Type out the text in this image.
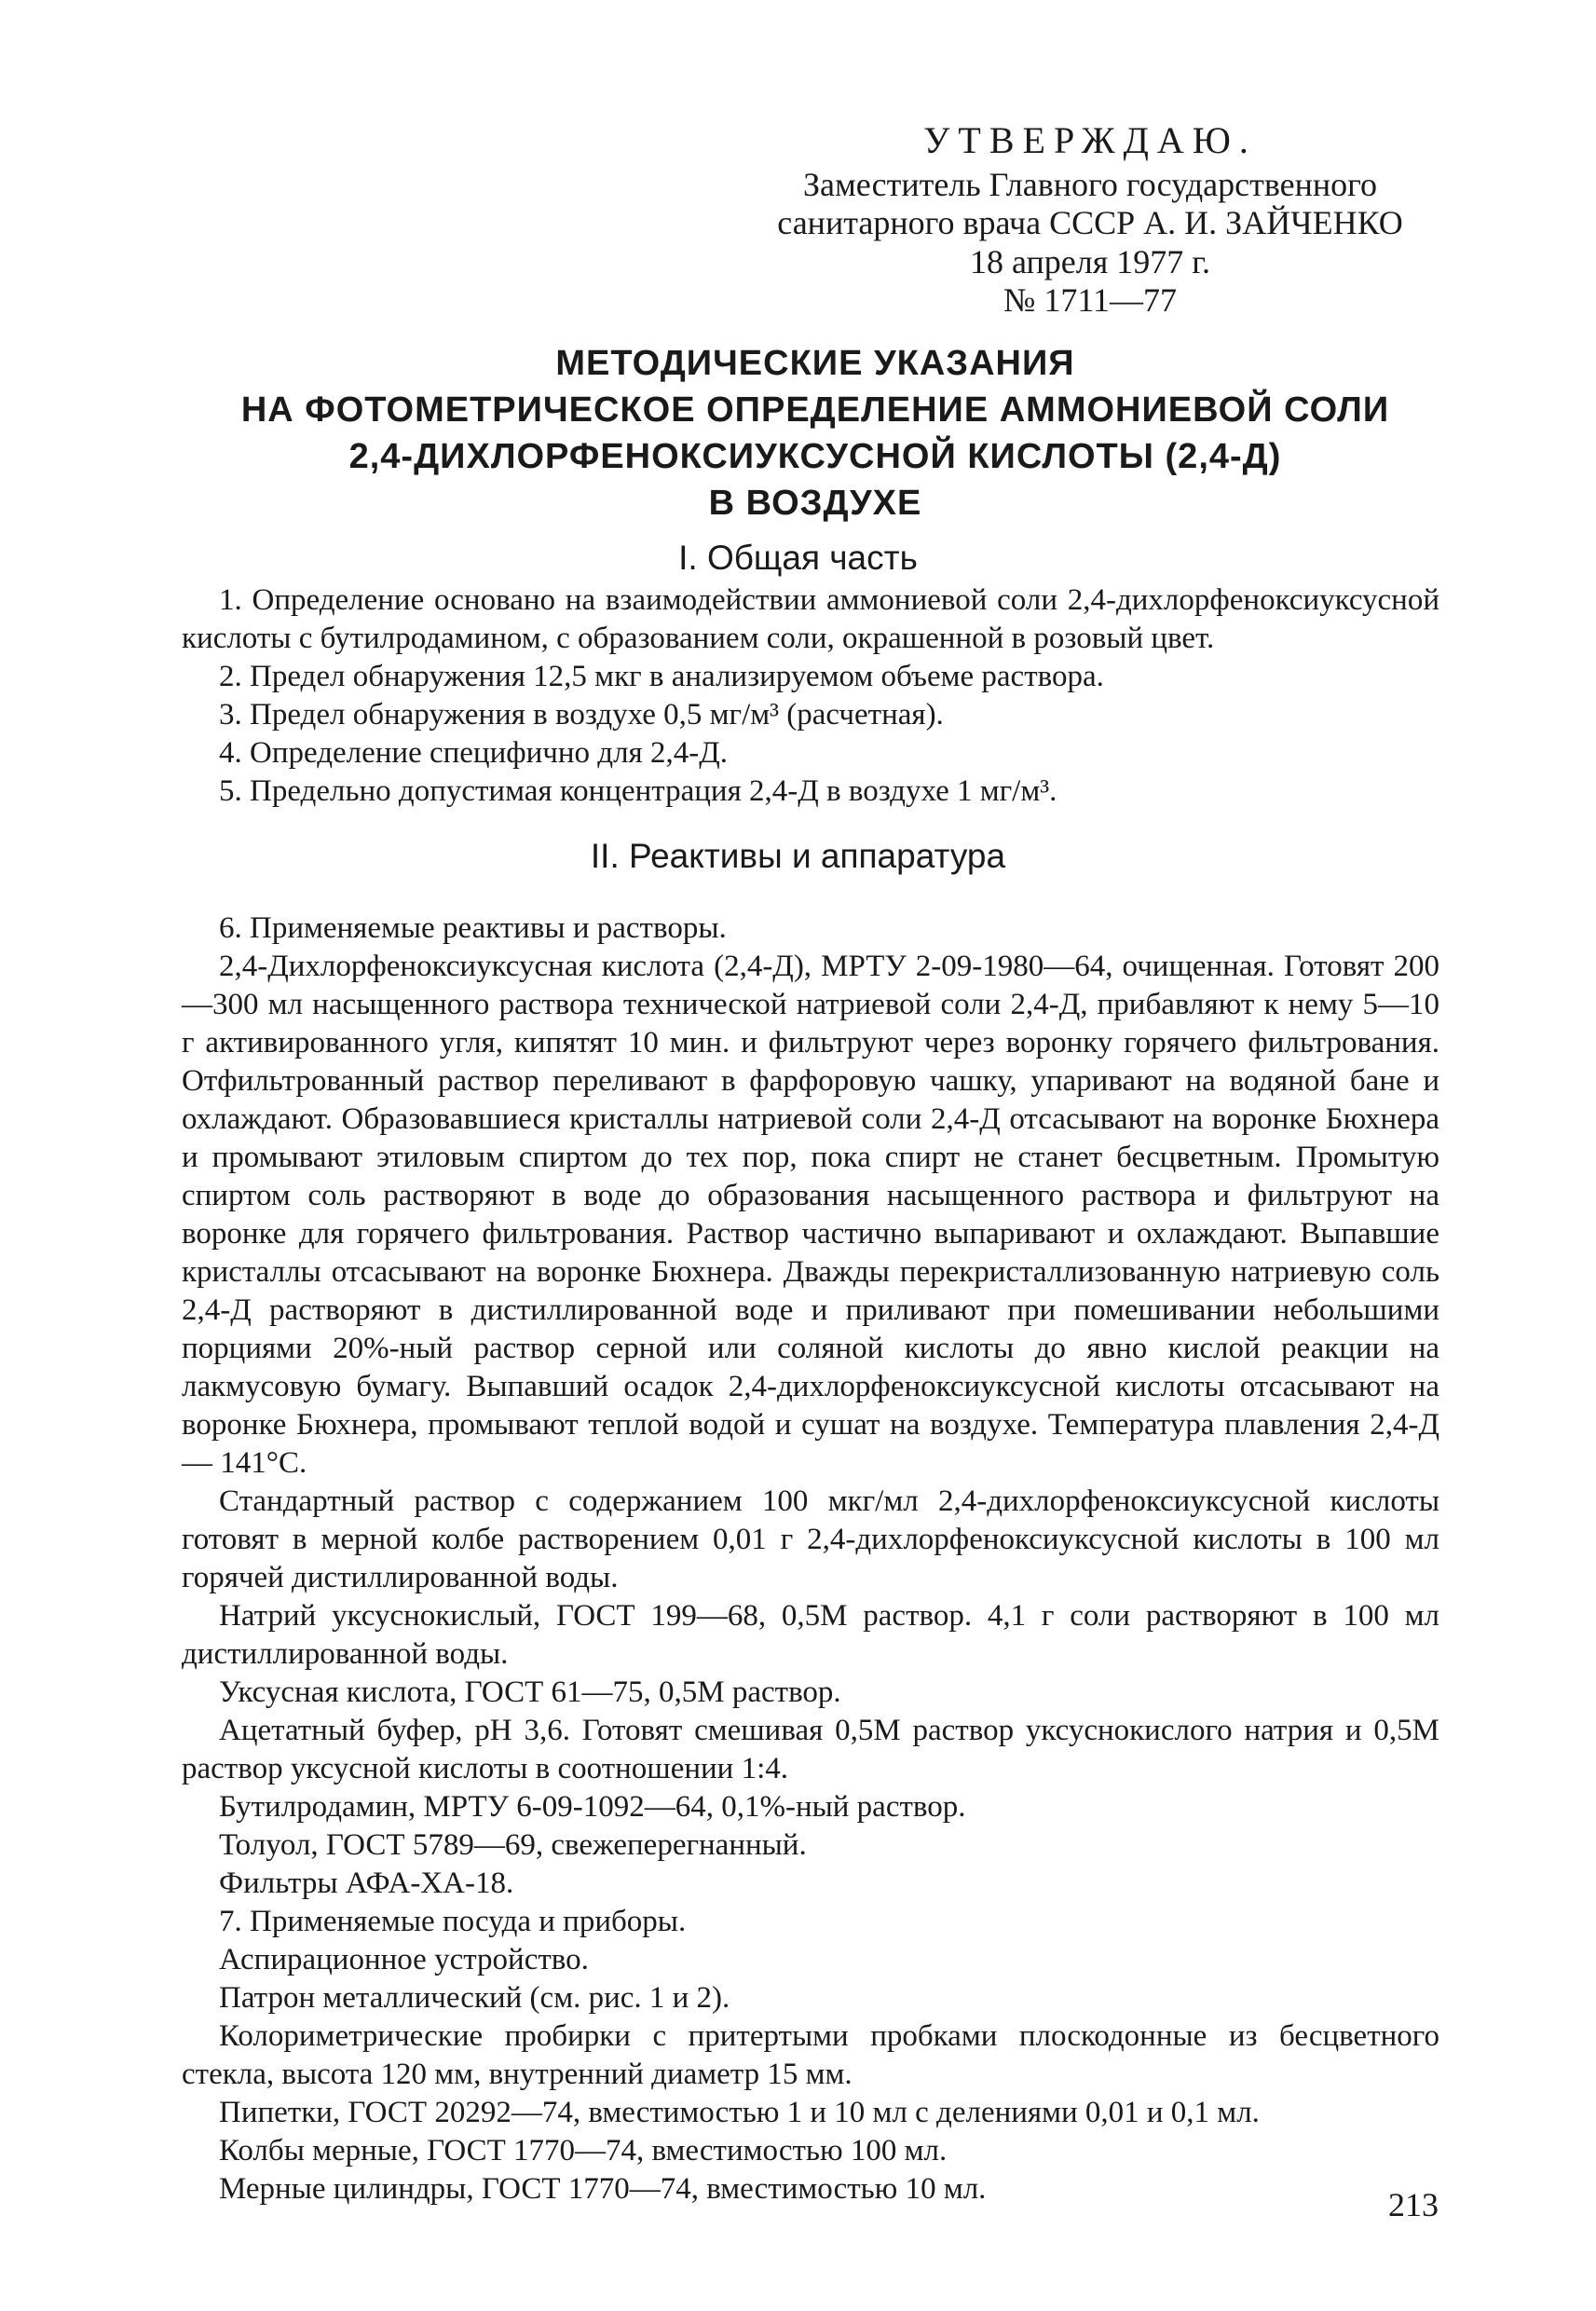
УТВЕРЖДАЮ.
Заместитель Главного государственного
санитарного врача СССР А. И. ЗАЙЧЕНКО
18 апреля 1977 г.
№ 1711—77
МЕТОДИЧЕСКИЕ УКАЗАНИЯ
НА ФОТОМЕТРИЧЕСКОЕ ОПРЕДЕЛЕНИЕ АММОНИЕВОЙ СОЛИ
2,4-ДИХЛОРФЕНОКСИУКСУСНОЙ КИСЛОТЫ (2,4-Д)
В ВОЗДУХЕ
I. Общая часть

1. Определение основано на взаимодействии аммониевой соли 2,4-дихлорфеноксиуксусной кислоты с бутилродамином, с образованием соли, окрашенной в розовый цвет.

2. Предел обнаружения 12,5 мкг в анализируемом объеме раствора.

3. Предел обнаружения в воздухе 0,5 мг/м³ (расчетная).

4. Определение специфично для 2,4-Д.

5. Предельно допустимая концентрация 2,4-Д в воздухе 1 мг/м³.

II. Реактивы и аппаратура

6. Применяемые реактивы и растворы.

2,4-Дихлорфеноксиуксусная кислота (2,4-Д), МРТУ 2-09-1980—64, очищенная. Готовят 200—300 мл насыщенного раствора технической натриевой соли 2,4-Д, прибавляют к нему 5—10 г активированного угля, кипятят 10 мин. и фильтруют через воронку горячего фильтрования. Отфильтрованный раствор переливают в фарфоровую чашку, упаривают на водяной бане и охлаждают. Образовавшиеся кристаллы натриевой соли 2,4-Д отсасывают на воронке Бюхнера и промывают этиловым спиртом до тех пор, пока спирт не станет бесцветным. Промытую спиртом соль растворяют в воде до образования насыщенного раствора и фильтруют на воронке для горячего фильтрования. Раствор частично выпаривают и охлаждают. Выпавшие кристаллы отсасывают на воронке Бюхнера. Дважды перекристаллизованную натриевую соль 2,4-Д растворяют в дистиллированной воде и приливают при помешивании небольшими порциями 20%-ный раствор серной или соляной кислоты до явно кислой реакции на лакмусовую бумагу. Выпавший осадок 2,4-дихлорфеноксиуксусной кислоты отсасывают на воронке Бюхнера, промывают теплой водой и сушат на воздухе. Температура плавления 2,4-Д — 141°С.

Стандартный раствор с содержанием 100 мкг/мл 2,4-дихлорфеноксиуксусной кислоты готовят в мерной колбе растворением 0,01 г 2,4-дихлорфеноксиуксусной кислоты в 100 мл горячей дистиллированной воды.

Натрий уксуснокислый, ГОСТ 199—68, 0,5М раствор. 4,1 г соли растворяют в 100 мл дистиллированной воды.

Уксусная кислота, ГОСТ 61—75, 0,5М раствор.

Ацетатный буфер, pH 3,6. Готовят смешивая 0,5М раствор уксуснокислого натрия и 0,5М раствор уксусной кислоты в соотношении 1:4.

Бутилродамин, МРТУ 6-09-1092—64, 0,1%-ный раствор.

Толуол, ГОСТ 5789—69, свежеперегнанный.

Фильтры АФА-ХА-18.

7. Применяемые посуда и приборы.

Аспирационное устройство.

Патрон металлический (см. рис. 1 и 2).

Колориметрические пробирки с притертыми пробками плоскодонные из бесцветного стекла, высота 120 мм, внутренний диаметр 15 мм.

Пипетки, ГОСТ 20292—74, вместимостью 1 и 10 мл с делениями 0,01 и 0,1 мл.

Колбы мерные, ГОСТ 1770—74, вместимостью 100 мл.

Мерные цилиндры, ГОСТ 1770—74, вместимостью 10 мл.	213
